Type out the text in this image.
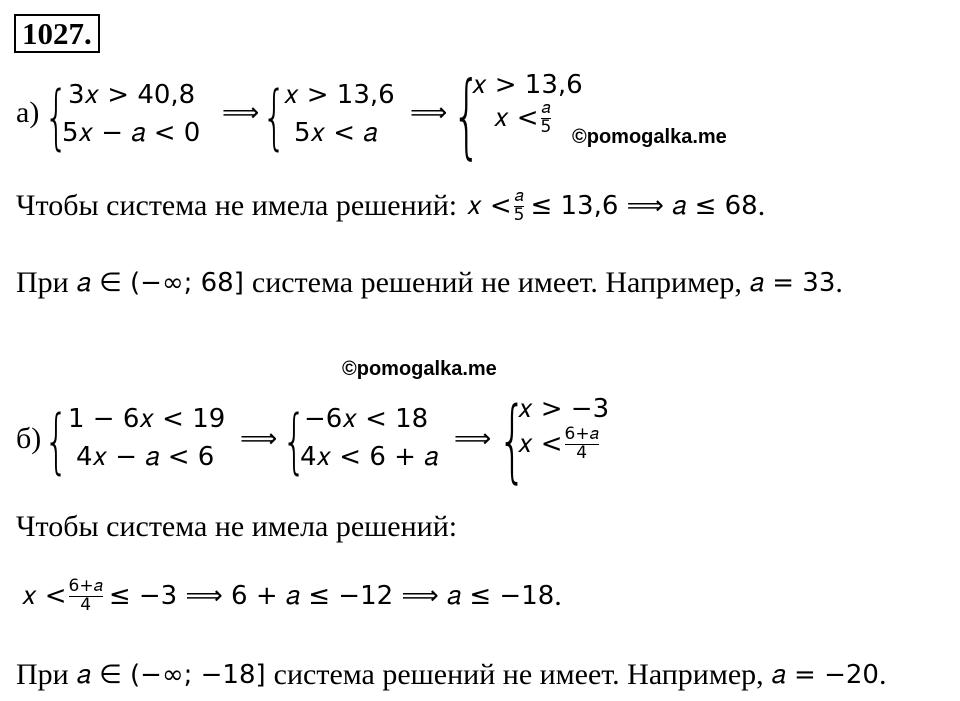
1027.
а) { 3𝑥 > 40,8
5𝑥 − 𝑎 < 0
⟹ {
𝑥 > 13,6
5𝑥 < 𝑎
⟹ {
𝑥 > 13,6
𝑥 < $\frac{\text{𝑎}}{5}$
©pomogalka.me
Чтобы система не имела решений: 𝑥 < $\frac{\text{𝑎}}{5} \le 13,6$ ⟹ 𝑎 ≤ 68 .
При 𝑎 ∈ (−∞; 68] система решений не имеет. Например, 𝑎 = 33 .
©pomogalka.me
б) { 1 − 6𝑥 < 19
4𝑥 − 𝑎 < 6
⟹ {
−6𝑥 < 18
4𝑥 < 6 + 𝑎
⟹ {
𝑥 > −3
𝑥 < $\frac{\text{6+𝑎}}{4}$
Чтобы система не имела решений:
𝑥 < $\frac{\text{6+𝑎}}{4} \le -3$ ⟹ 6 + 𝑎 ≤ −12 ⟹ 𝑎 ≤ −18 .
При 𝑎 ∈ (−∞; −18] система решений не имеет. Например, 𝑎 = −20 .
